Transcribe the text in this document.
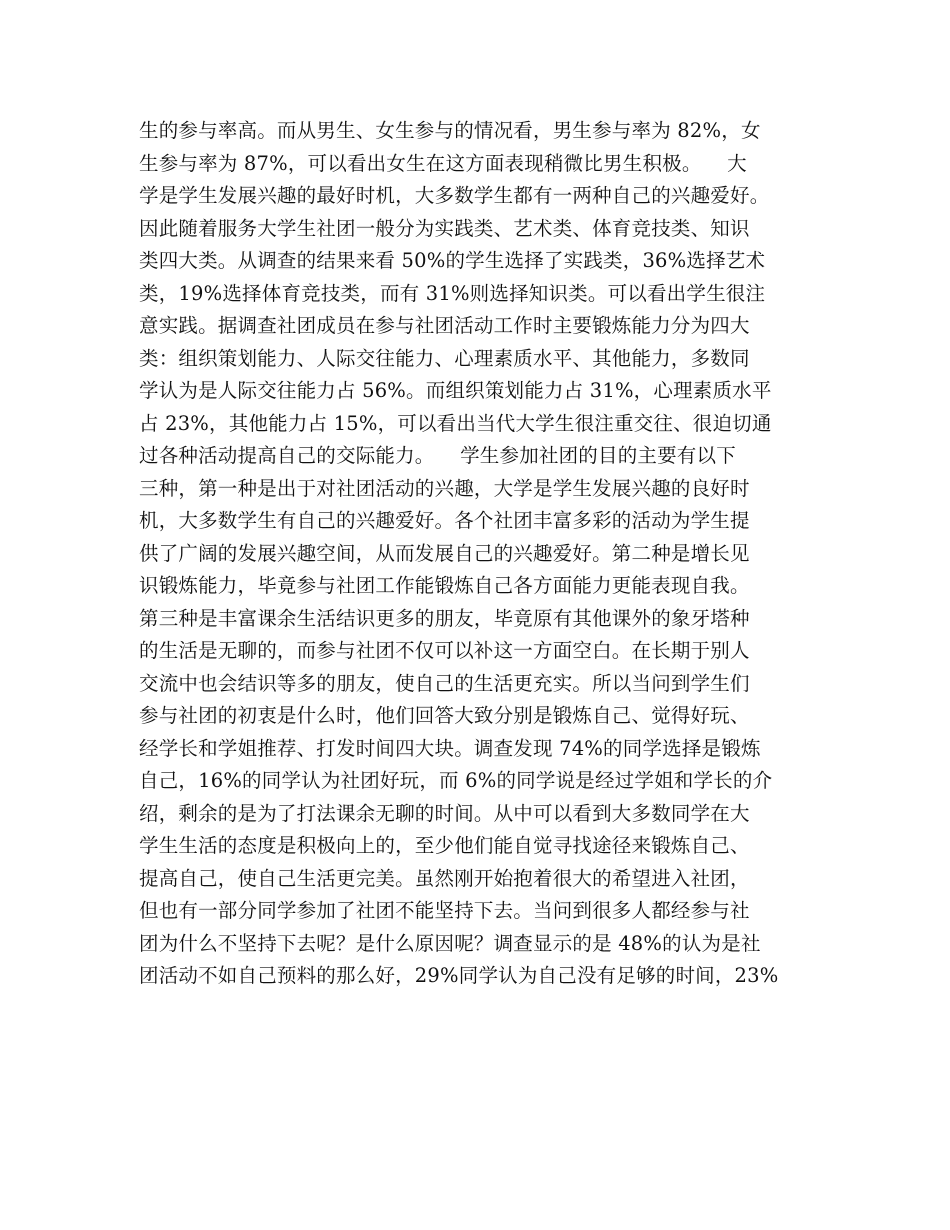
生的参与率高。而从男生、女生参与的情况看，男生参与率为 82%，女
生参与率为 87%，可以看出女生在这方面表现稍微比男生积极。    大
学是学生发展兴趣的最好时机，大多数学生都有一两种自己的兴趣爱好。
因此随着服务大学生社团一般分为实践类、艺术类、体育竞技类、知识
类四大类。从调查的结果来看 50%的学生选择了实践类，36%选择艺术
类，19%选择体育竞技类，而有 31%则选择知识类。可以看出学生很注
意实践。据调查社团成员在参与社团活动工作时主要锻炼能力分为四大
类：组织策划能力、人际交往能力、心理素质水平、其他能力，多数同
学认为是人际交往能力占 56%。而组织策划能力占 31%，心理素质水平
占 23%，其他能力占 15%，可以看出当代大学生很注重交往、很迫切通
过各种活动提高自己的交际能力。    学生参加社团的目的主要有以下
三种，第一种是出于对社团活动的兴趣，大学是学生发展兴趣的良好时
机，大多数学生有自己的兴趣爱好。各个社团丰富多彩的活动为学生提
供了广阔的发展兴趣空间，从而发展自己的兴趣爱好。第二种是增长见
识锻炼能力，毕竟参与社团工作能锻炼自己各方面能力更能表现自我。
第三种是丰富课余生活结识更多的朋友，毕竟原有其他课外的象牙塔种
的生活是无聊的，而参与社团不仅可以补这一方面空白。在长期于别人
交流中也会结识等多的朋友，使自己的生活更充实。所以当问到学生们
参与社团的初衷是什么时，他们回答大致分别是锻炼自己、觉得好玩、
经学长和学姐推荐、打发时间四大块。调查发现 74%的同学选择是锻炼
自己，16%的同学认为社团好玩，而 6%的同学说是经过学姐和学长的介
绍，剩余的是为了打法课余无聊的时间。从中可以看到大多数同学在大
学生生活的态度是积极向上的，至少他们能自觉寻找途径来锻炼自己、
提高自己，使自己生活更完美。虽然刚开始抱着很大的希望进入社团，
但也有一部分同学参加了社团不能坚持下去。当问到很多人都经参与社
团为什么不坚持下去呢？是什么原因呢？调查显示的是 48%的认为是社
团活动不如自己预料的那么好，29%同学认为自己没有足够的时间，23%
